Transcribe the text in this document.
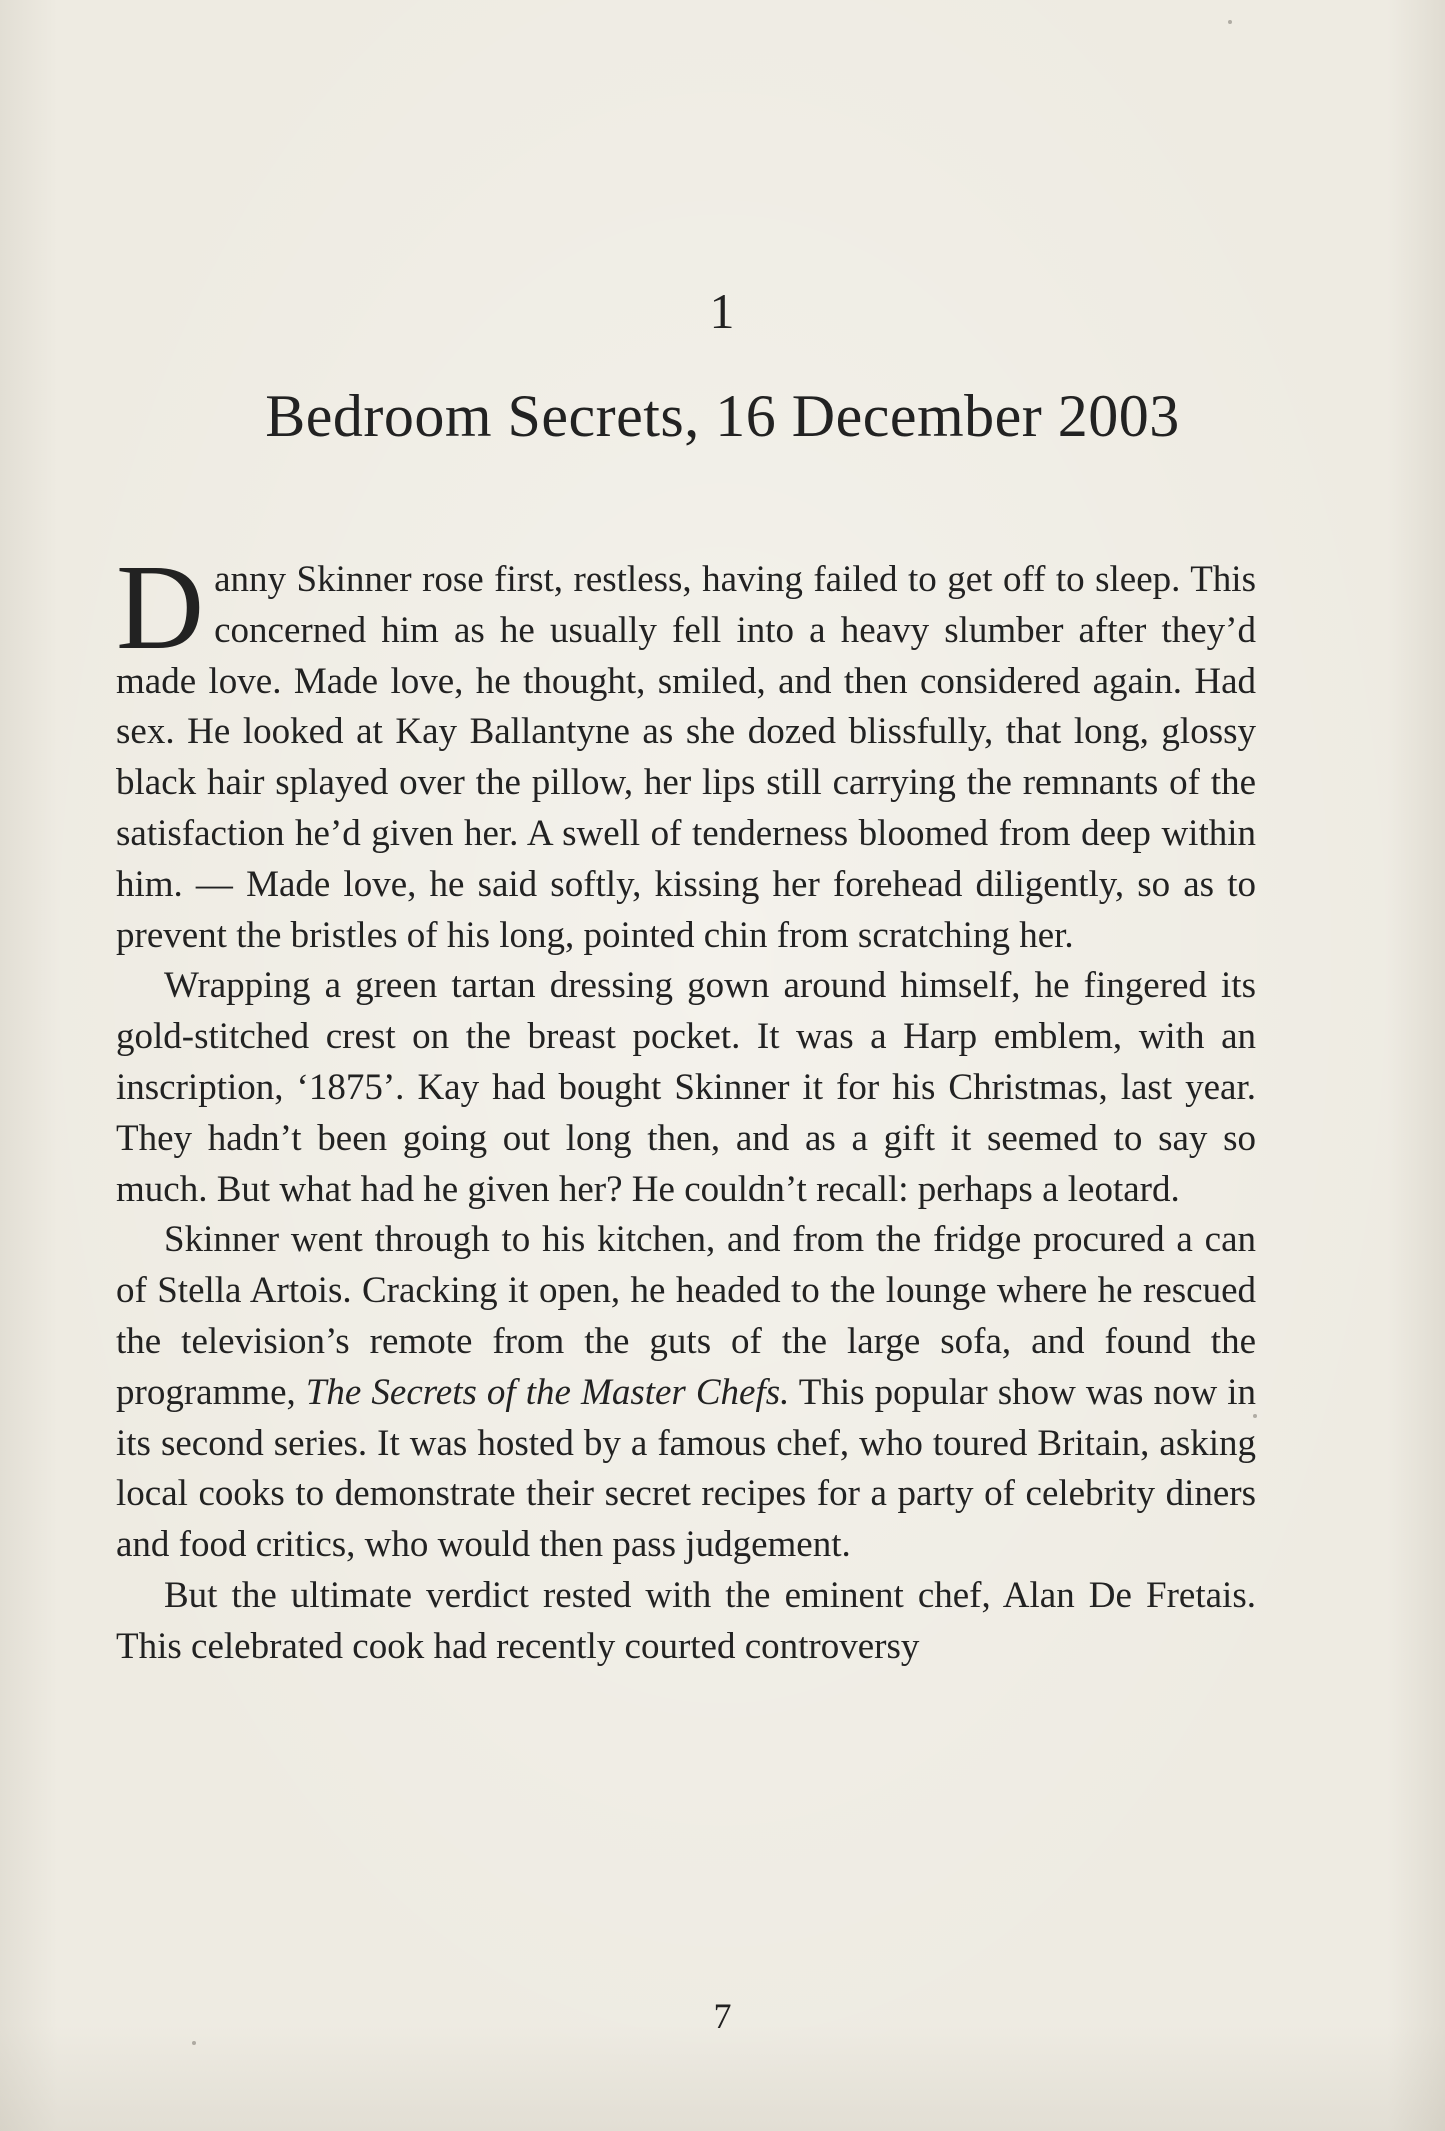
1
Bedroom Secrets, 16 December 2003

Danny Skinner rose first, restless, having failed to get off to sleep. This concerned him as he usually fell into a heavy slumber after they’d made love. Made love, he thought, smiled, and then considered again. Had sex. He looked at Kay Ballantyne as she dozed blissfully, that long, glossy black hair splayed over the pillow, her lips still carrying the remnants of the satisfaction he’d given her. A swell of tenderness bloomed from deep within him. — Made love, he said softly, kissing her forehead diligently, so as to prevent the bristles of his long, pointed chin from scratching her.

Wrapping a green tartan dressing gown around himself, he fingered its gold-stitched crest on the breast pocket. It was a Harp emblem, with an inscription, ‘1875’. Kay had bought Skinner it for his Christmas, last year. They hadn’t been going out long then, and as a gift it seemed to say so much. But what had he given her? He couldn’t recall: perhaps a leotard.

Skinner went through to his kitchen, and from the fridge procured a can of Stella Artois. Cracking it open, he headed to the lounge where he rescued the television’s remote from the guts of the large sofa, and found the programme, The Secrets of the Master Chefs. This popular show was now in its second series. It was hosted by a famous chef, who toured Britain, asking local cooks to demonstrate their secret recipes for a party of celebrity diners and food critics, who would then pass judgement.

But the ultimate verdict rested with the eminent chef, Alan De Fretais. This celebrated cook had recently courted controversy

7
